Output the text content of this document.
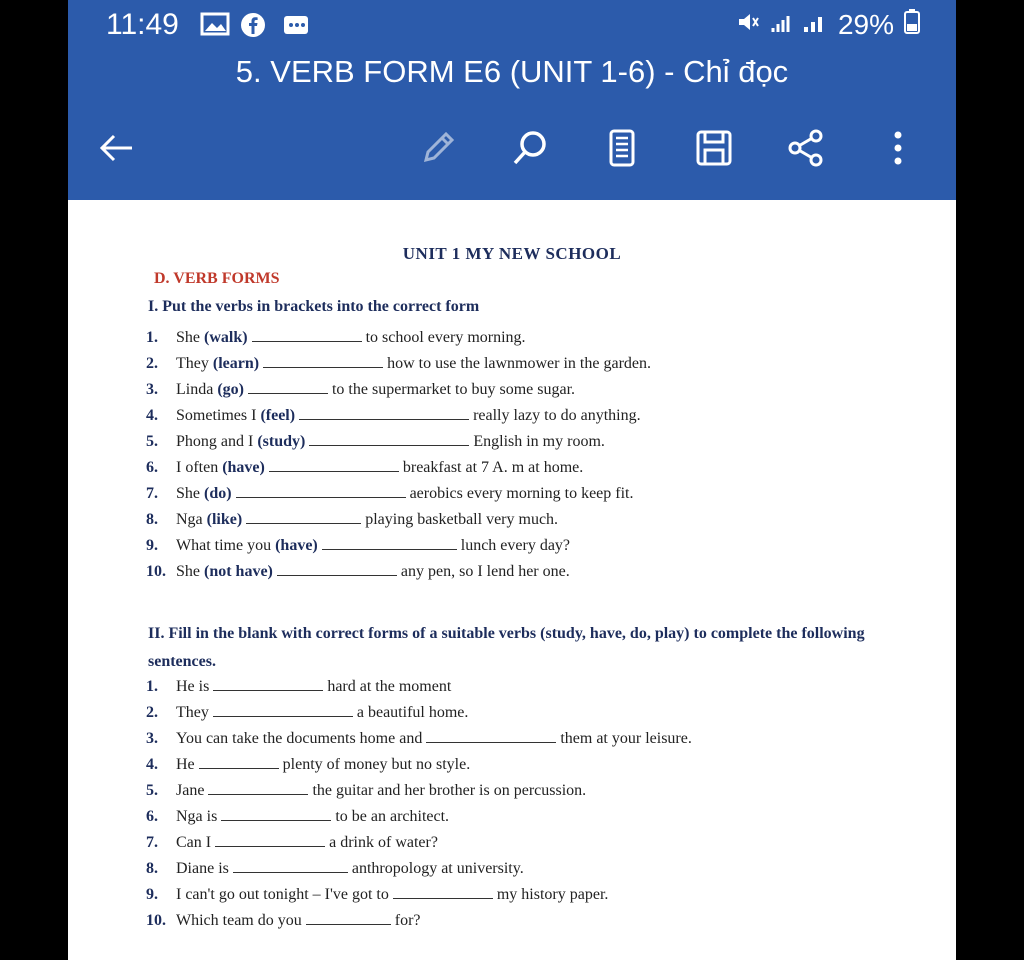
11:49	29%
5. VERB FORM E6 (UNIT 1-6) - Chỉ đọc
UNIT 1 MY NEW SCHOOL
D. VERB FORMS
I. Put the verbs in brackets into the correct form
1.	She
(walk)	to school every morning.
2.	They
(learn)	how to use the lawnmower in the garden.
3.	Linda
(go)	to the supermarket to buy some sugar.
4.	Sometimes I
(feel)	really lazy to do anything.
5.	Phong and I
(study)	English in my room.
6.	I often
(have)	breakfast at 7 A. m at home.
7.	She
(do)	aerobics every morning to keep fit.
8.	Nga
(like)	playing basketball very much.
9.	What time you
(have)	lunch every day?
10. She
(not have)	any pen, so I lend her one.
II. Fill in the blank with correct forms of a suitable verbs (study, have, do, play) to complete the following sentences.
1.	He is	hard at the moment
2.	They	a beautiful home.
3.	You can take the documents home and	them at your leisure.
4.	He	plenty of money but no style.
5.	Jane	the guitar and her brother is on percussion.
6.	Nga is	to be an architect.
7.	Can I	a drink of water?
8.	Diane is	anthropology at university.
9.	I can't go out tonight – I've got to	my history paper.
10. Which team do you	for?
